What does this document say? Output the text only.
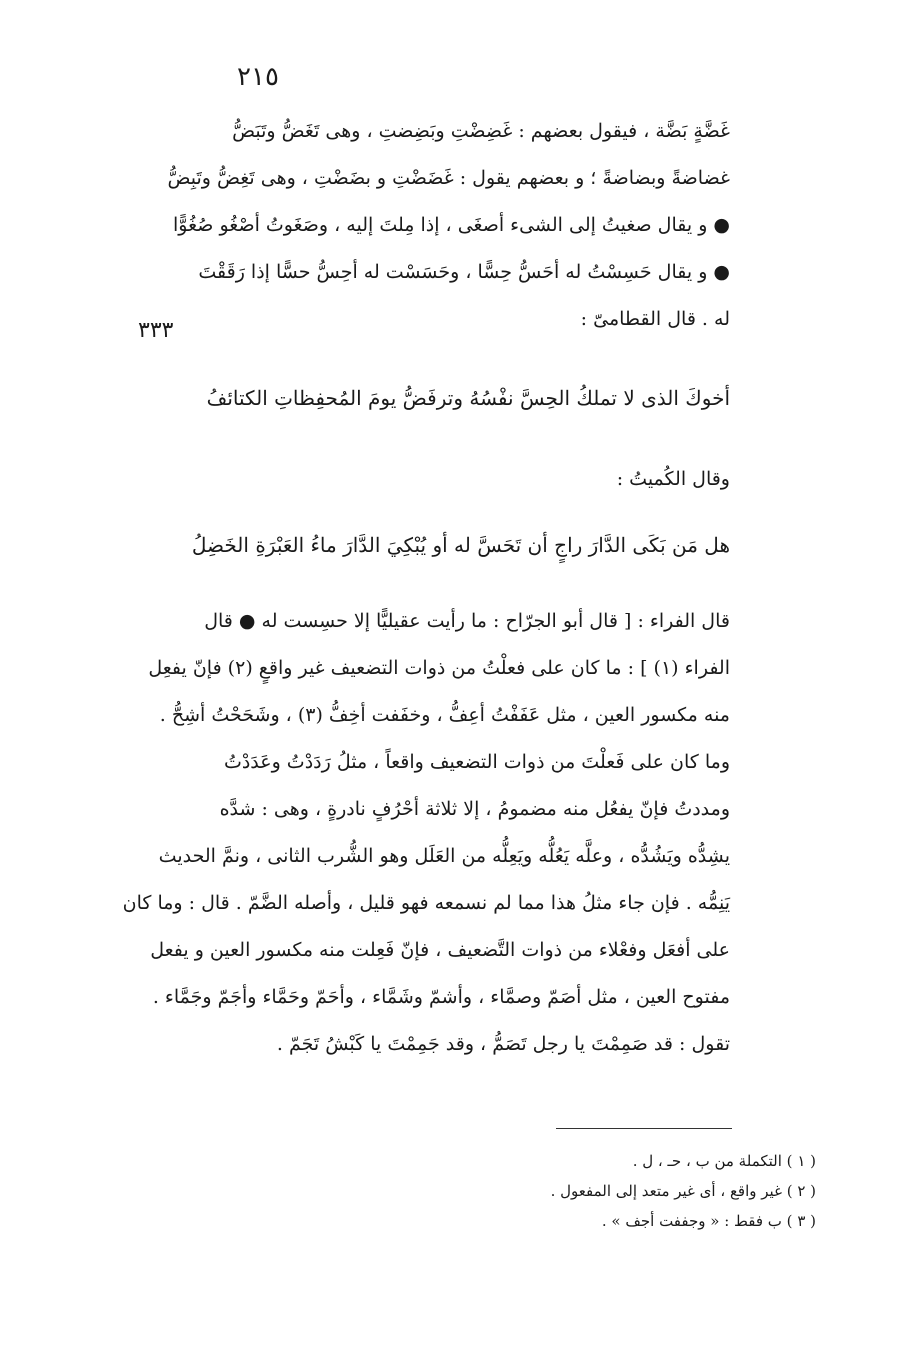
٢١٥
٣٣٣
غَضَّةٍ بَضَّة ، فيقول بعضهم : غَضِضْتِ وبَضِضتِ ، وهى تَغَضُّ وتَبَضُّ
غضاضةً وبضاضةً ؛ و بعضهم يقول : غَضَضْتِ و بضَضْتِ ، وهى تَغِضُّ وتَبِضُّ
● و يقال صغيتُ إلى الشىء أصغَى ، إذا مِلتَ إليه ، وصَغَوتُ أصْغُو صُغُوًّا
● و يقال حَسِسْتُ له أحَسُّ حِسًّا ، وحَسَسْت له أحِسُّ حسًّا إذا رَقَقْتَ
له . قال القطامىّ :
أخوكَ الذى لا تملكُ الحِسَّ نفْسُهُ وترفَضُّ يومَ المُحفِظاتِ الكتائفُ
وقال الكُميتُ :
هل مَن بَكَى الدَّارَ راجٍ أن تَحَسَّ له أو يُبْكِيَ الدَّارَ ماءُ العَبْرَةِ الخَضِلُ
قال الفراء : [ قال أبو الجرّاح : ما رأيت عقيليًّا إلا حسِست له ● قال
الفراء (١) ] : ما كان على فعلْتُ من ذوات التضعيف غير واقعٍ (٢) فإنّ يفعِل
منه مكسور العين ، مثل عَفَفْتُ أعِفُّ ، وخفَفت أخِفُّ (٣) ، وشَحَحْتُ أشِحُّ .
وما كان على فَعلْتَ من ذوات التضعيف واقعاً ، مثلُ رَدَدْتُ وعَدَدْتُ
ومددتُ فإنّ يفعُل منه مضمومُ ، إلا ثلاثة أحْرُفٍ نادرةٍ ، وهى : شدَّه
يشِدُّه ويَشُدُّه ، وعلَّه يَعُلُّه ويَعِلُّه من العَلَل وهو الشُّرب الثانى ، ونمَّ الحديث
يَنِمُّه . فإن جاء مثلُ هذا مما لم نسمعه فهو قليل ، وأصله الضَّمّ . قال : وما كان
على أفعَل وفعْلاء من ذوات التَّضعيف ، فإنّ فَعِلت منه مكسور العين و يفعل
مفتوح العين ، مثل أصَمّ وصمَّاء ، وأشمّ وشَمَّاء ، وأحَمّ وحَمَّاء وأجَمّ وجَمَّاء .
تقول : قد صَمِمْتَ يا رجل تَصَمُّ ، وقد جَمِمْتَ يا كَبْشُ تَجَمّ .
( ١ ) التكملة من ب ، حـ ، ل .
( ٢ ) غير واقع ، أى غير متعد إلى المفعول .
( ٣ ) ب فقط : « وجففت أجف » .
